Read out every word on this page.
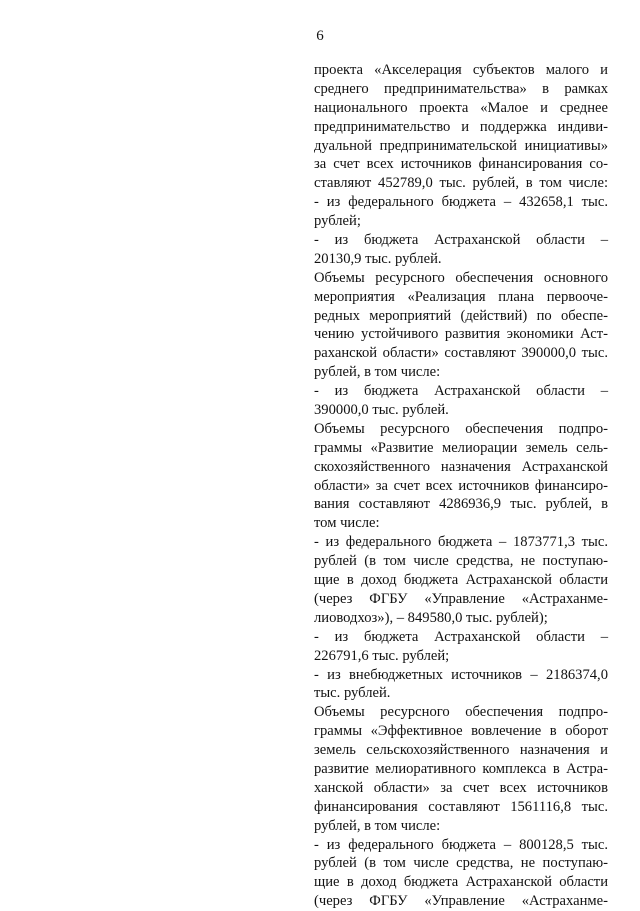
6
проекта «Акселерация субъектов малого и
среднего предпринимательства» в рамках
национального проекта «Малое и среднее
предпринимательство и поддержка индиви-
дуальной предпринимательской инициативы»
за счет всех источников финансирования со-
ставляют 452789,0 тыс. рублей, в том числе:
- из федерального бюджета – 432658,1 тыс.
рублей;
- из бюджета Астраханской области –
20130,9 тыс. рублей.
Объемы ресурсного обеспечения основного
мероприятия «Реализация плана первооче-
редных мероприятий (действий) по обеспе-
чению устойчивого развития экономики Аст-
раханской области» составляют 390000,0 тыс.
рублей, в том числе:
- из бюджета Астраханской области –
390000,0 тыс. рублей.
Объемы ресурсного обеспечения подпро-
граммы «Развитие мелиорации земель сель-
скохозяйственного назначения Астраханской
области» за счет всех источников финансиро-
вания составляют 4286936,9 тыс. рублей, в
том числе:
- из федерального бюджета – 1873771,3 тыс.
рублей (в том числе средства, не поступаю-
щие в доход бюджета Астраханской области
(через ФГБУ «Управление «Астраханме-
лиоводхоз»), – 849580,0 тыс. рублей);
- из бюджета Астраханской области –
226791,6 тыс. рублей;
- из внебюджетных источников – 2186374,0
тыс. рублей.
Объемы ресурсного обеспечения подпро-
граммы «Эффективное вовлечение в оборот
земель сельскохозяйственного назначения и
развитие мелиоративного комплекса в Астра-
ханской области» за счет всех источников
финансирования составляют 1561116,8 тыс.
рублей, в том числе:
- из федерального бюджета – 800128,5 тыс.
рублей (в том числе средства, не поступаю-
щие в доход бюджета Астраханской области
(через ФГБУ «Управление «Астраханме-
